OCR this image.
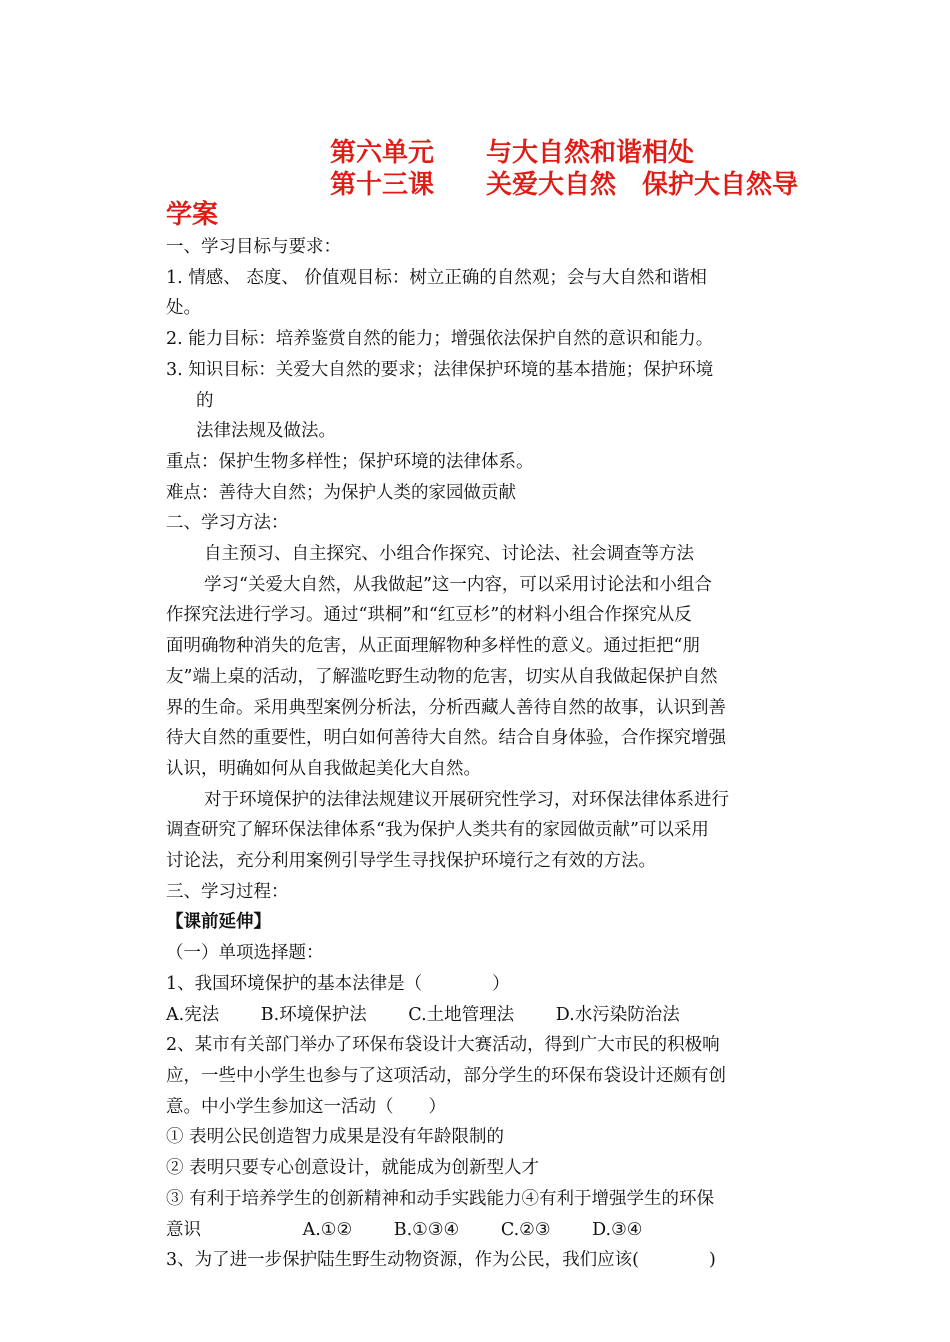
第六单元　　与大自然和谐相处
第十三课　　关爱大自然　保护大自然导
学案

一、学习目标与要求：

1. 情感、 态度、 价值观目标：树立正确的自然观；会与大自然和谐相

处。

2. 能力目标：培养鉴赏自然的能力；增强依法保护自然的意识和能力。

3. 知识目标：关爱大自然的要求；法律保护环境的基本措施；保护环境

的

法律法规及做法。

重点：保护生物多样性；保护环境的法律体系。

难点：善待大自然；为保护人类的家园做贡献

二、学习方法：

自主预习、自主探究、小组合作探究、讨论法、社会调查等方法

学习“关爱大自然，从我做起”这一内容，可以采用讨论法和小组合

作探究法进行学习。通过“珙桐”和“红豆杉”的材料小组合作探究从反

面明确物种消失的危害，从正面理解物种多样性的意义。通过拒把“朋

友”端上桌的活动，了解滥吃野生动物的危害，切实从自我做起保护自然

界的生命。采用典型案例分析法，分析西藏人善待自然的故事，认识到善

待大自然的重要性，明白如何善待大自然。结合自身体验，合作探究增强

认识，明确如何从自我做起美化大自然。

对于环境保护的法律法规建议开展研究性学习，对环保法律体系进行

调查研究了解环保法律体系“我为保护人类共有的家园做贡献”可以采用

讨论法，充分利用案例引导学生寻找保护环境行之有效的方法。

三、学习过程：

【课前延伸】

（一）单项选择题：

1、我国环境保护的基本法律是（　　　　）

A.宪法 B.环境保护法 C.土地管理法 D.水污染防治法

2、某市有关部门举办了环保布袋设计大赛活动，得到广大市民的积极响

应，一些中小学生也参与了这项活动，部分学生的环保布袋设计还颇有创

意。中小学生参加这一活动（　　）

① 表明公民创造智力成果是没有年龄限制的

② 表明只要专心创意设计，就能成为创新型人才

③ 有利于培养学生的创新精神和动手实践能力④有利于增强学生的环保

意识	A.①② B.①③④ C.②③ D.③④

3、为了进一步保护陆生野生动物资源，作为公民，我们应该(　　　　)
